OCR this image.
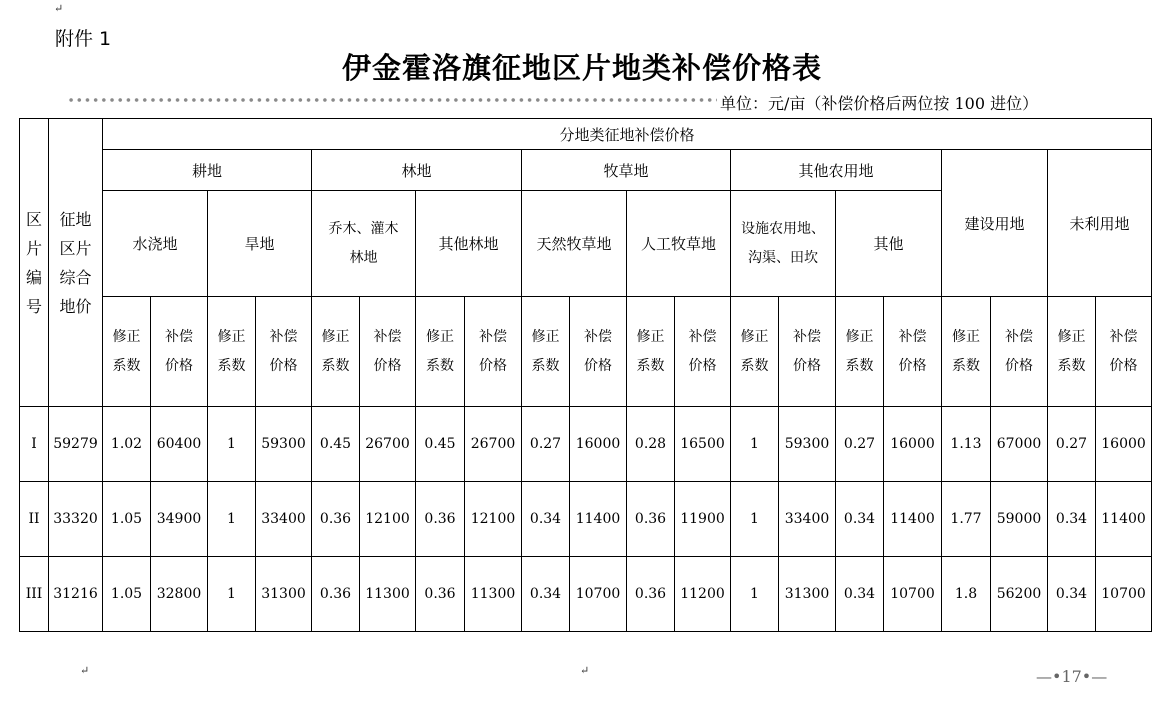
↵
附件 1
伊金霍洛旗征地区片地类补偿价格表
单位：元/亩（补偿价格后两位按 100 进位）
区片编号	征地区片综合地价	分地类征地补偿价格																			
		耕地				林地				牧草地				其他农用地				建设用地		未利用地	
		水浇地		旱地		乔木、灌木林地		其他林地		天然牧草地		人工牧草地		设施农用地、沟渠、田坎		其他					
		修正系数	补偿价格	修正系数	补偿价格	修正系数	补偿价格	修正系数	补偿价格	修正系数	补偿价格	修正系数	补偿价格	修正系数	补偿价格	修正系数	补偿价格	修正系数	补偿价格	修正系数	补偿价格
I	59279	1.02	60400	1	59300	0.45	26700	0.45	26700	0.27	16000	0.28	16500	1	59300	0.27	16000	1.13	67000	0.27	16000
II	33320	1.05	34900	1	33400	0.36	12100	0.36	12100	0.34	11400	0.36	11900	1	33400	0.34	11400	1.77	59000	0.34	11400
III	31216	1.05	32800	1	31300	0.36	11300	0.36	11300	0.34	10700	0.36	11200	1	31300	0.34	10700	1.8	56200	0.34	10700
↵	↵	—•17•—
